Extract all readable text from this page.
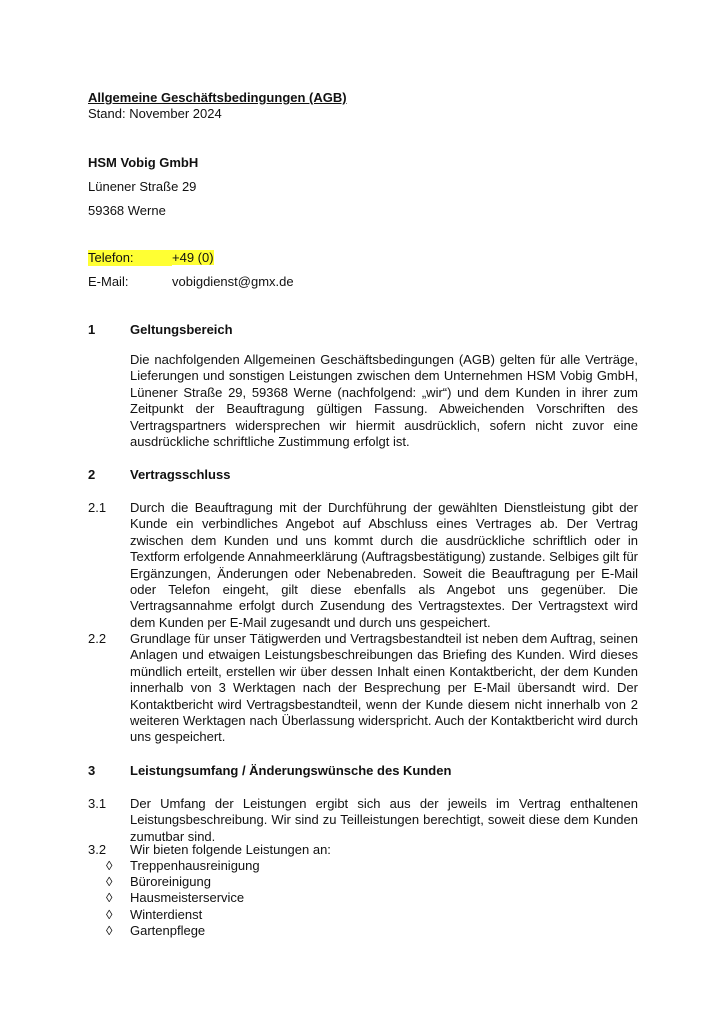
Allgemeine Geschäftsbedingungen (AGB)
Stand: November 2024
HSM Vobig GmbH
Lünener Straße 29
59368 Werne
Telefon:	+49 (0)
E-Mail:	vobigdienst@gmx.de
1	Geltungsbereich

Die nachfolgenden Allgemeinen Geschäftsbedingungen (AGB) gelten für alle Verträge, Lieferungen und sonstigen Leistungen zwischen dem Unternehmen HSM Vobig GmbH, Lünener Straße 29, 59368 Werne (nachfolgend: „wir“) und dem Kunden in ihrer zum Zeitpunkt der Beauftragung gültigen Fassung. Abweichenden Vorschriften des Vertragspartners widersprechen wir hiermit ausdrücklich, sofern nicht zuvor eine ausdrückliche schriftliche Zustimmung erfolgt ist.

2	Vertragsschluss
2.1 Durch die Beauftragung mit der Durchführung der gewählten Dienstleistung gibt der Kunde ein verbindliches Angebot auf Abschluss eines Vertrages ab. Der Vertrag zwischen dem Kunden und uns kommt durch die ausdrückliche schriftlich oder in Textform erfolgende Annahmeerklärung (Auftragsbestätigung) zustande. Selbiges gilt für Ergänzungen, Änderungen oder Nebenabreden. Soweit die Beauftragung per E-Mail oder Telefon eingeht, gilt diese ebenfalls als Angebot uns gegenüber. Die Vertragsannahme erfolgt durch Zusendung des Vertragstextes. Der Vertragstext wird dem Kunden per E-Mail zugesandt und durch uns gespeichert.

2.2 Grundlage für unser Tätigwerden und Vertragsbestandteil ist neben dem Auftrag, seinen Anlagen und etwaigen Leistungsbeschreibungen das Briefing des Kunden. Wird dieses mündlich erteilt, erstellen wir über dessen Inhalt einen Kontaktbericht, der dem Kunden innerhalb von 3 Werktagen nach der Besprechung per E-Mail übersandt wird. Der Kontaktbericht wird Vertragsbestandteil, wenn der Kunde diesem nicht innerhalb von 2 weiteren Werktagen nach Überlassung widerspricht. Auch der Kontaktbericht wird durch uns gespeichert.

3	Leistungsumfang / Änderungswünsche des Kunden
3.1 Der Umfang der Leistungen ergibt sich aus der jeweils im Vertrag enthaltenen Leistungsbeschreibung. Wir sind zu Teilleistungen berechtigt, soweit diese dem Kunden zumutbar sind.

3.2 Wir bieten folgende Leistungen an:

◊ Treppenhausreinigung
◊ Büroreinigung
◊ Hausmeisterservice
◊ Winterdienst
◊ Gartenpflege
